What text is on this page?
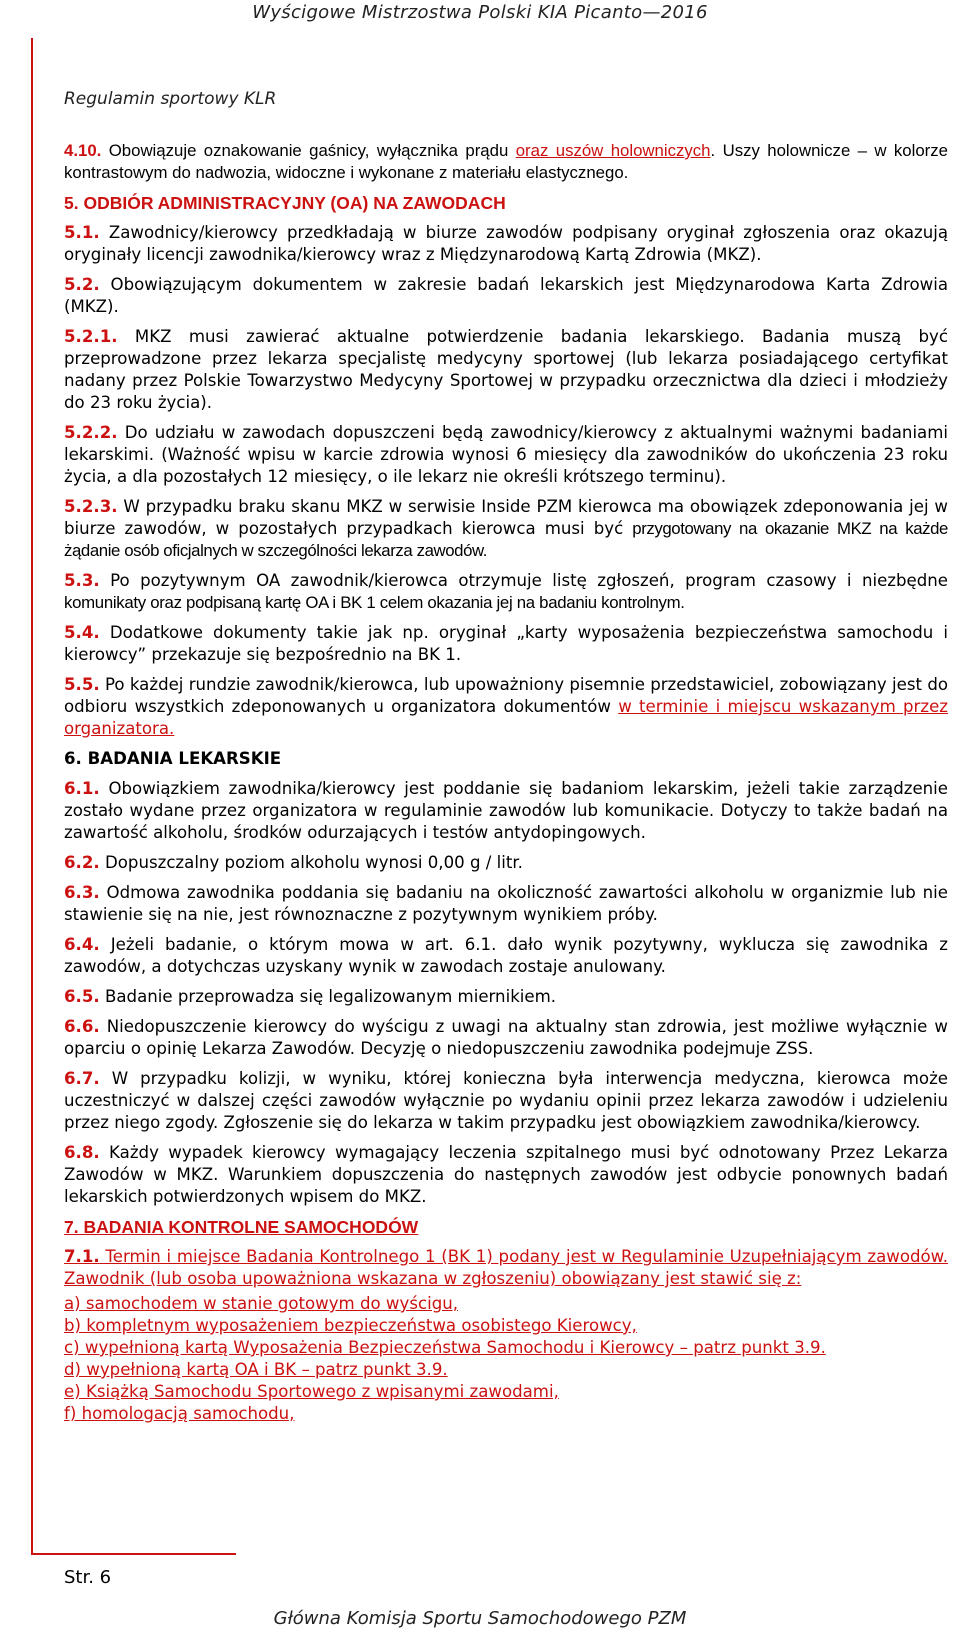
Wyścigowe Mistrzostwa Polski KIA Picanto—2016
Regulamin sportowy KLR

4.10. Obowiązuje oznakowanie gaśnicy, wyłącznika prądu oraz uszów holowniczych. Uszy holownicze – w kolorze kontrastowym do nadwozia, widoczne i wykonane z materiału elastycznego.

5. ODBIÓR ADMINISTRACYJNY (OA) NA ZAWODACH

5.1. Zawodnicy/kierowcy przedkładają w biurze zawodów podpisany oryginał zgłoszenia oraz okazują oryginały licencji zawodnika/kierowcy wraz z Międzynarodową Kartą Zdrowia (MKZ).

5.2. Obowiązującym dokumentem w zakresie badań lekarskich jest Międzynarodowa Karta Zdrowia (MKZ).

5.2.1. MKZ musi zawierać aktualne potwierdzenie badania lekarskiego. Badania muszą być przeprowadzone przez lekarza specjalistę medycyny sportowej (lub lekarza posiadającego certyfikat nadany przez Polskie Towarzystwo Medycyny Sportowej w przypadku orzecznictwa dla dzieci i młodzieży do 23 roku życia).

5.2.2. Do udziału w zawodach dopuszczeni będą zawodnicy/kierowcy z aktualnymi ważnymi badaniami lekarskimi. (Ważność wpisu w karcie zdrowia wynosi 6 miesięcy dla zawodników do ukończenia 23 roku życia, a dla pozostałych 12 miesięcy, o ile lekarz nie określi krótszego terminu).

5.2.3. W przypadku braku skanu MKZ w serwisie Inside PZM kierowca ma obowiązek zdeponowania jej w biurze zawodów, w pozostałych przypadkach kierowca musi być przygotowany na okazanie MKZ na każde żądanie osób oficjalnych w szczególności lekarza zawodów.

5.3. Po pozytywnym OA zawodnik/kierowca otrzymuje listę zgłoszeń, program czasowy i niezbędne komunikaty oraz podpisaną kartę OA i BK 1 celem okazania jej na badaniu kontrolnym.

5.4. Dodatkowe dokumenty takie jak np. oryginał „karty wyposażenia bezpieczeństwa samochodu i kierowcy” przekazuje się bezpośrednio na BK 1.

5.5. Po każdej rundzie zawodnik/kierowca, lub upoważniony pisemnie przedstawiciel, zobowiązany jest do odbioru wszystkich zdeponowanych u organizatora dokumentów w terminie i miejscu wskazanym przez organizatora.

6. BADANIA LEKARSKIE

6.1. Obowiązkiem zawodnika/kierowcy jest poddanie się badaniom lekarskim, jeżeli takie zarządzenie zostało wydane przez organizatora w regulaminie zawodów lub komunikacie. Dotyczy to także badań na zawartość alkoholu, środków odurzających i testów antydopingowych.

6.2. Dopuszczalny poziom alkoholu wynosi 0,00 g / litr.

6.3. Odmowa zawodnika poddania się badaniu na okoliczność zawartości alkoholu w organizmie lub nie stawienie się na nie, jest równoznaczne z pozytywnym wynikiem próby.

6.4. Jeżeli badanie, o którym mowa w art. 6.1. dało wynik pozytywny, wyklucza się zawodnika z zawodów, a dotychczas uzyskany wynik w zawodach zostaje anulowany.

6.5. Badanie przeprowadza się legalizowanym miernikiem.

6.6. Niedopuszczenie kierowcy do wyścigu z uwagi na aktualny stan zdrowia, jest możliwe wyłącznie w oparciu o opinię Lekarza Zawodów. Decyzję o niedopuszczeniu zawodnika podejmuje ZSS.

6.7. W przypadku kolizji, w wyniku, której konieczna była interwencja medyczna, kierowca może uczestniczyć w dalszej części zawodów wyłącznie po wydaniu opinii przez lekarza zawodów i udzieleniu przez niego zgody. Zgłoszenie się do lekarza w takim przypadku jest obowiązkiem zawodnika/kierowcy.

6.8. Każdy wypadek kierowcy wymagający leczenia szpitalnego musi być odnotowany Przez Lekarza Zawodów w MKZ. Warunkiem dopuszczenia do następnych zawodów jest odbycie ponownych badań lekarskich potwierdzonych wpisem do MKZ.

7. BADANIA KONTROLNE SAMOCHODÓW

7.1. Termin i miejsce Badania Kontrolnego 1 (BK 1) podany jest w Regulaminie Uzupełniającym zawodów. Zawodnik (lub osoba upoważniona wskazana w zgłoszeniu) obowiązany jest stawić się z:

a) samochodem w stanie gotowym do wyścigu,
b) kompletnym wyposażeniem bezpieczeństwa osobistego Kierowcy,
c) wypełnioną kartą Wyposażenia Bezpieczeństwa Samochodu i Kierowcy – patrz punkt 3.9.
d) wypełnioną kartą OA i BK – patrz punkt 3.9.
e) Książką Samochodu Sportowego z wpisanymi zawodami,
f) homologacją samochodu,
Str. 6
Główna Komisja Sportu Samochodowego PZM
